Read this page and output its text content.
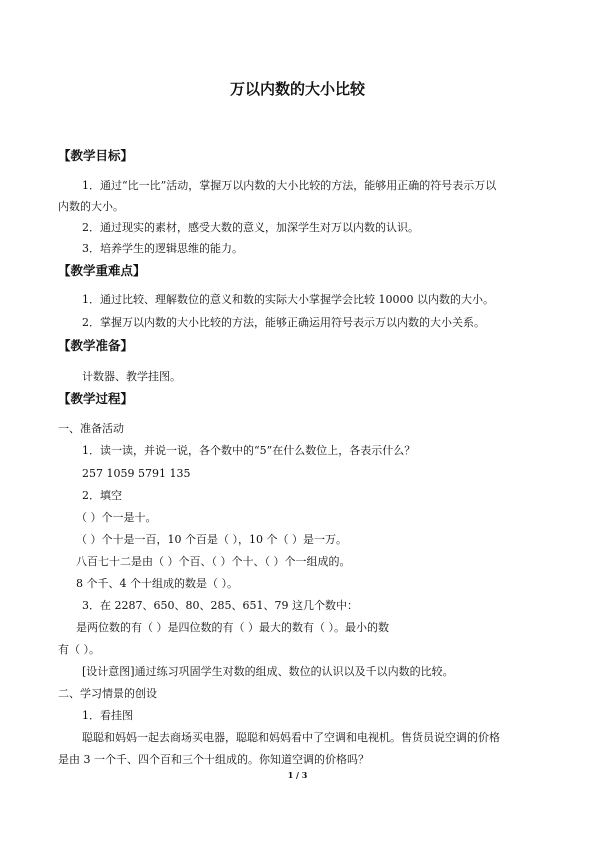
万以内数的大小比较
【教学目标】
1．通过“比一比”活动，掌握万以内数的大小比较的方法，能够用正确的符号表示万以
内数的大小。
2．通过现实的素材，感受大数的意义，加深学生对万以内数的认识。
3．培养学生的逻辑思维的能力。
【教学重难点】
1．通过比较、理解数位的意义和数的实际大小掌握学会比较 10000 以内数的大小。
2．掌握万以内数的大小比较的方法，能够正确运用符号表示万以内数的大小关系。
【教学准备】
计数器、教学挂图。
【教学过程】
一、准备活动
1．读一读，并说一说，各个数中的“5”在什么数位上，各表示什么？
257 1059 5791 135
2．填空
（ ）个一是十。
（ ）个十是一百，10 个百是（ ），10 个（ ）是一万。
八百七十二是由（ ）个百、（ ）个十、（ ）个一组成的。
8 个千、4 个十组成的数是（ ）。
3．在 2287、650、80、285、651、79 这几个数中：
是两位数的有（ ）是四位数的有（ ）最大的数有（ ）。最小的数
有（ ）。
[设计意图]通过练习巩固学生对数的组成、数位的认识以及千以内数的比较。
二、学习情景的创设
1．看挂图
聪聪和妈妈一起去商场买电器，聪聪和妈妈看中了空调和电视机。售货员说空调的价格
是由 3 一个千、四个百和三个十组成的。你知道空调的价格吗？
1 / 3
